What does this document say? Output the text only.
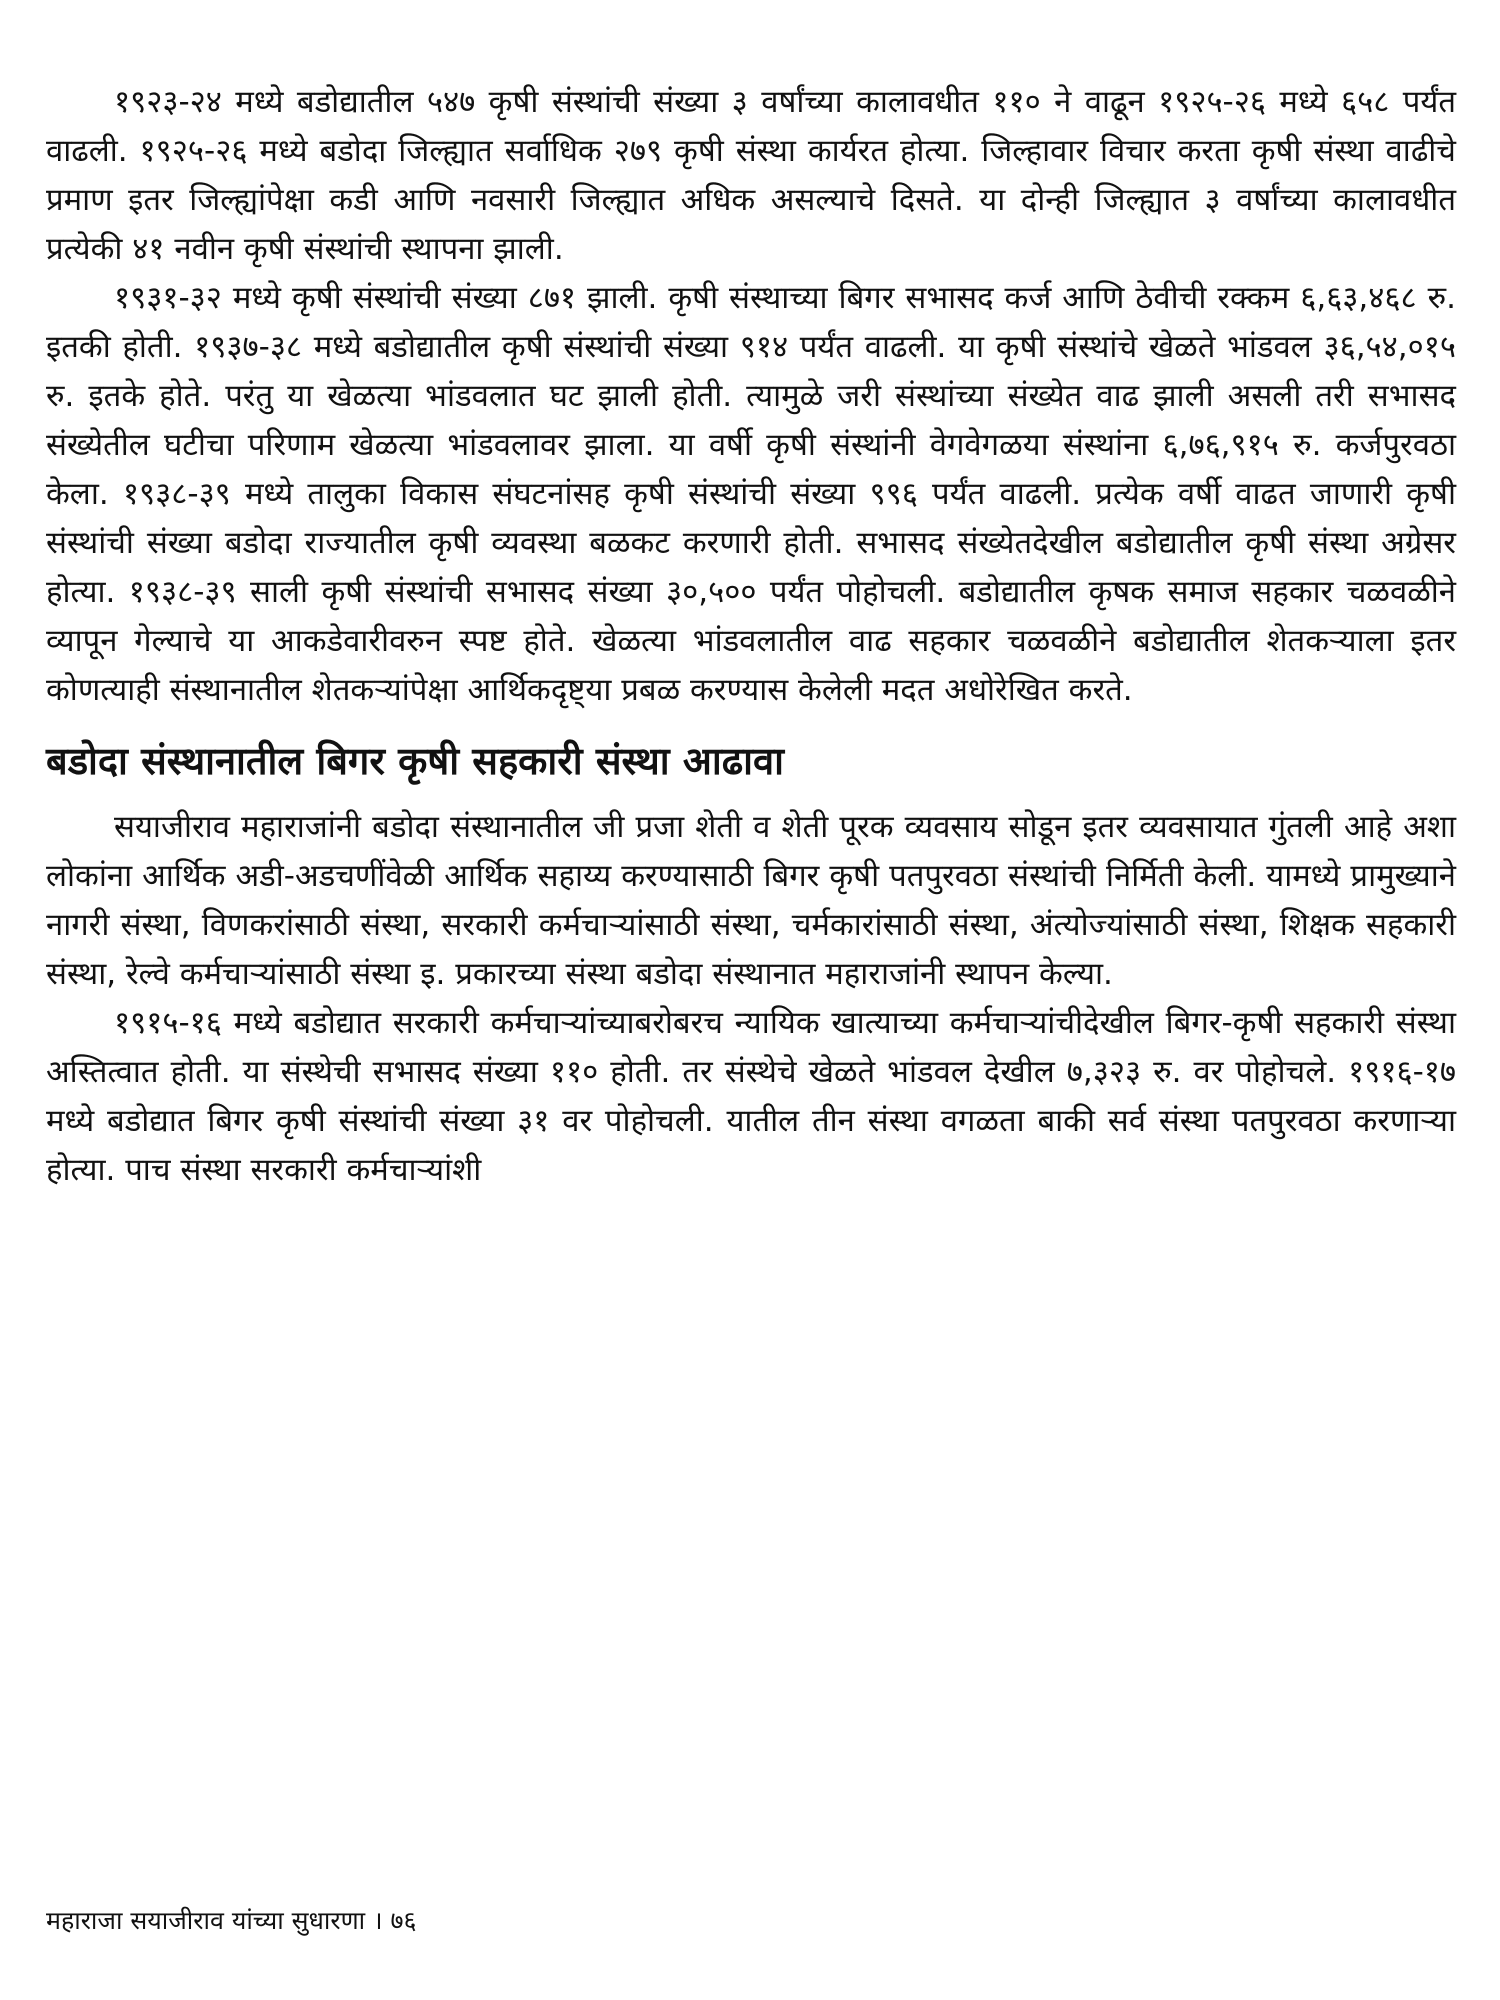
१९२३-२४ मध्ये बडोद्यातील ५४७ कृषी संस्थांची संख्या ३ वर्षांच्या कालावधीत ११० ने वाढून १९२५-२६ मध्ये ६५८ पर्यंत वाढली. १९२५-२६ मध्ये बडोदा जिल्ह्यात सर्वाधिक २७९ कृषी संस्था कार्यरत होत्या. जिल्हावार विचार करता कृषी संस्था वाढीचे प्रमाण इतर जिल्ह्यांपेक्षा कडी आणि नवसारी जिल्ह्यात अधिक असल्याचे दिसते. या दोन्ही जिल्ह्यात ३ वर्षांच्या कालावधीत प्रत्येकी ४१ नवीन कृषी संस्थांची स्थापना झाली.

१९३१-३२ मध्ये कृषी संस्थांची संख्या ८७१ झाली. कृषी संस्थाच्या बिगर सभासद कर्ज आणि ठेवीची रक्कम ६,६३,४६८ रु. इतकी होती. १९३७-३८ मध्ये बडोद्यातील कृषी संस्थांची संख्या ९१४ पर्यंत वाढली. या कृषी संस्थांचे खेळते भांडवल ३६,५४,०१५ रु. इतके होते. परंतु या खेळत्या भांडवलात घट झाली होती. त्यामुळे जरी संस्थांच्या संख्येत वाढ झाली असली तरी सभासद संख्येतील घटीचा परिणाम खेळत्या भांडवलावर झाला. या वर्षी कृषी संस्थांनी वेगवेगळया संस्थांना ६,७६,९१५ रु. कर्जपुरवठा केला. १९३८-३९ मध्ये तालुका विकास संघटनांसह कृषी संस्थांची संख्या ९९६ पर्यंत वाढली. प्रत्येक वर्षी वाढत जाणारी कृषी संस्थांची संख्या बडोदा राज्यातील कृषी व्यवस्था बळकट करणारी होती. सभासद संख्येतदेखील बडोद्यातील कृषी संस्था अग्रेसर होत्या. १९३८-३९ साली कृषी संस्थांची सभासद संख्या ३०,५०० पर्यंत पोहोचली. बडोद्यातील कृषक समाज सहकार चळवळीने व्यापून गेल्याचे या आकडेवारीवरुन स्पष्ट होते. खेळत्या भांडवलातील वाढ सहकार चळवळीने बडोद्यातील शेतकऱ्याला इतर कोणत्याही संस्थानातील शेतकऱ्यांपेक्षा आर्थिकदृष्ट्या प्रबळ करण्यास केलेली मदत अधोरेखित करते.

बडोदा संस्थानातील बिगर कृषी सहकारी संस्था आढावा

सयाजीराव महाराजांनी बडोदा संस्थानातील जी प्रजा शेती व शेती पूरक व्यवसाय सोडून इतर व्यवसायात गुंतली आहे अशा लोकांना आर्थिक अडी-अडचणींवेळी आर्थिक सहाय्य करण्यासाठी बिगर कृषी पतपुरवठा संस्थांची निर्मिती केली. यामध्ये प्रामुख्याने नागरी संस्था, विणकरांसाठी संस्था, सरकारी कर्मचाऱ्यांसाठी संस्था, चर्मकारांसाठी संस्था, अंत्योज्यांसाठी संस्था, शिक्षक सहकारी संस्था, रेल्वे कर्मचाऱ्यांसाठी संस्था इ. प्रकारच्या संस्था बडोदा संस्थानात महाराजांनी स्थापन केल्या.

१९१५-१६ मध्ये बडोद्यात सरकारी कर्मचाऱ्यांच्याबरोबरच न्यायिक खात्याच्या कर्मचाऱ्यांचीदेखील बिगर-कृषी सहकारी संस्था अस्तित्वात होती. या संस्थेची सभासद संख्या ११० होती. तर संस्थेचे खेळते भांडवल देखील ७,३२३ रु. वर पोहोचले. १९१६-१७ मध्ये बडोद्यात बिगर कृषी संस्थांची संख्या ३१ वर पोहोचली. यातील तीन संस्था वगळता बाकी सर्व संस्था पतपुरवठा करणाऱ्या होत्या. पाच संस्था सरकारी कर्मचाऱ्यांशी

महाराजा सयाजीराव यांच्या सुधारणा । ७६
